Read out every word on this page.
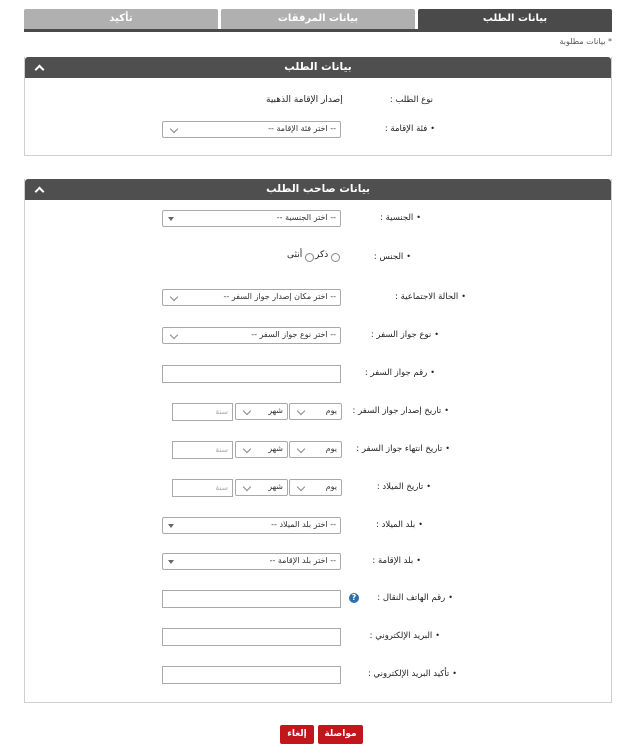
بيانات الطلب
بيانات المرفقات
تأكيد
* بيانات مطلوبة
بيانات الطلب
نوع الطلب :
إصدار الإقامة الذهبية
•فئة الإقامة :
-- اختر فئة الإقامة --
بيانات صاحب الطلب
•الجنسية :
-- اختر الجنسية --
•الجنس :
ذكر
أنثى
•الحالة الاجتماعية :
-- اختر مكان إصدار جواز السفر --
•نوع جواز السفر :
-- اختر نوع جواز السفر --
•رقم جواز السفر :
•تاريخ إصدار جواز السفر :
يوم
شهر
سنة
•تاريخ انتهاء جواز السفر :
يوم
شهر
سنة
•تاريخ الميلاد :
يوم
شهر
سنة
•بلد الميلاد :
-- اختر بلد الميلاد --
•بلد الإقامة :
-- اختر بلد الإقامة --
•رقم الهاتف النقال :
?
•البريد الإلكتروني :
•تأكيد البريد الإلكتروني :
مواصلة
إلغاء
